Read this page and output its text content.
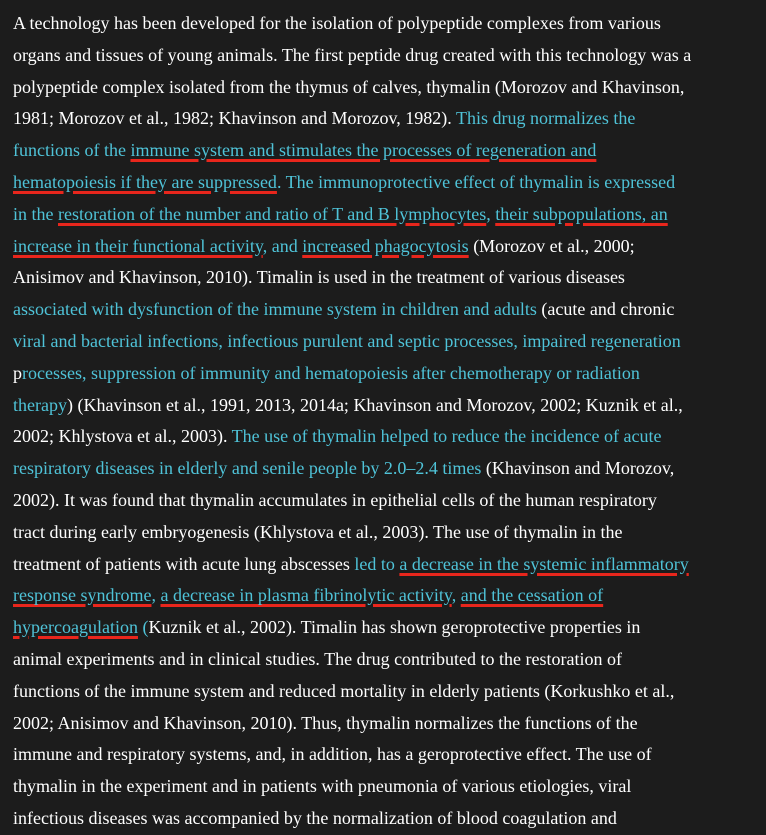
A technology has been developed for the isolation of polypeptide complexes from various
organs and tissues of young animals. The first peptide drug created with this technology was a
polypeptide complex isolated from the thymus of calves, thymalin (Morozov and Khavinson,
1981; Morozov et al., 1982; Khavinson and Morozov, 1982). This drug normalizes the
functions of the immune system and stimulates the processes of regeneration and
hematopoiesis if they are suppressed. The immunoprotective effect of thymalin is expressed
in the restoration of the number and ratio of T and B lymphocytes, their subpopulations, an
increase in their functional activity, and increased phagocytosis (Morozov et al., 2000;
Anisimov and Khavinson, 2010). Timalin is used in the treatment of various diseases
associated with dysfunction of the immune system in children and adults (acute and chronic
viral and bacterial infections, infectious purulent and septic processes, impaired regeneration
processes, suppression of immunity and hematopoiesis after chemotherapy or radiation
therapy) (Khavinson et al., 1991, 2013, 2014a; Khavinson and Morozov, 2002; Kuznik et al.,
2002; Khlystova et al., 2003). The use of thymalin helped to reduce the incidence of acute
respiratory diseases in elderly and senile people by 2.0–2.4 times (Khavinson and Morozov,
2002). It was found that thymalin accumulates in epithelial cells of the human respiratory
tract during early embryogenesis (Khlystova et al., 2003). The use of thymalin in the
treatment of patients with acute lung abscesses led to a decrease in the systemic inflammatory
response syndrome, a decrease in plasma fibrinolytic activity, and the cessation of
hypercoagulation (Kuznik et al., 2002). Timalin has shown geroprotective properties in
animal experiments and in clinical studies. The drug contributed to the restoration of
functions of the immune system and reduced mortality in elderly patients (Korkushko et al.,
2002; Anisimov and Khavinson, 2010). Thus, thymalin normalizes the functions of the
immune and respiratory systems, and, in addition, has a geroprotective effect. The use of
thymalin in the experiment and in patients with pneumonia of various etiologies, viral
infectious diseases was accompanied by the normalization of blood coagulation and
